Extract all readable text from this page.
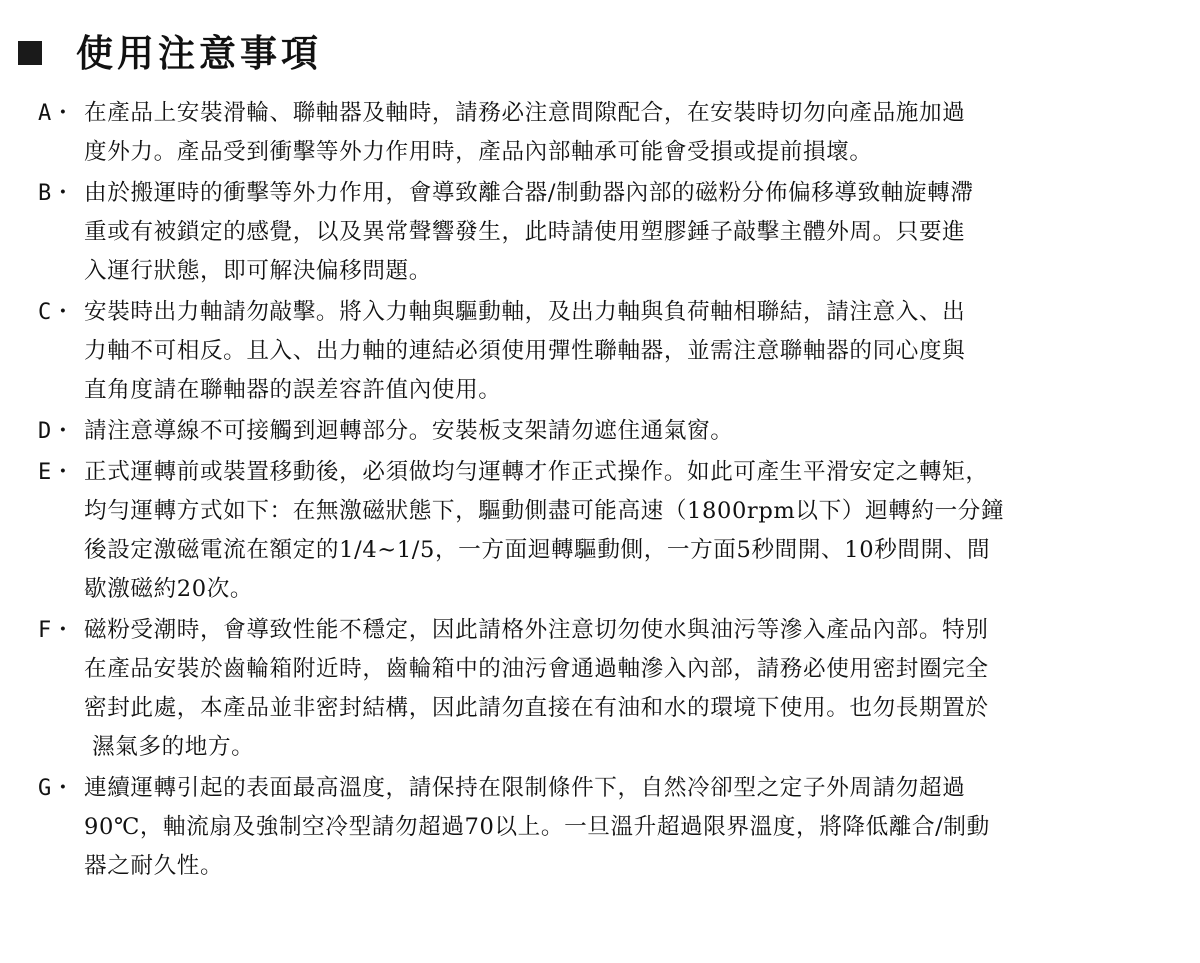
使用注意事項
A・ 在產品上安裝滑輪、聯軸器及軸時，請務必注意間隙配合，在安裝時切勿向產品施加過
度外力。產品受到衝擊等外力作用時，產品內部軸承可能會受損或提前損壞。
B・ 由於搬運時的衝擊等外力作用，會導致離合器/制動器內部的磁粉分佈偏移導致軸旋轉滯
重或有被鎖定的感覺，以及異常聲響發生，此時請使用塑膠錘子敲擊主體外周。只要進
入運行狀態，即可解決偏移問題。
C・ 安裝時出力軸請勿敲擊。將入力軸與驅動軸，及出力軸與負荷軸相聯結，請注意入、出
力軸不可相反。且入、出力軸的連結必須使用彈性聯軸器，並需注意聯軸器的同心度與
直角度請在聯軸器的誤差容許值內使用。
D・ 請注意導線不可接觸到迴轉部分。安裝板支架請勿遮住通氣窗。
E・ 正式運轉前或裝置移動後，必須做均勻運轉才作正式操作。如此可產生平滑安定之轉矩，
均勻運轉方式如下：在無激磁狀態下，驅動側盡可能高速（1800rpm以下）迴轉約一分鐘
後設定激磁電流在額定的1/4~1/5，一方面迴轉驅動側，一方面5秒間開、10秒間開、間
歇激磁約20次。
F・ 磁粉受潮時，會導致性能不穩定，因此請格外注意切勿使水與油污等滲入產品內部。特別
在產品安裝於齒輪箱附近時，齒輪箱中的油污會通過軸滲入內部，請務必使用密封圈完全
密封此處，本產品並非密封結構，因此請勿直接在有油和水的環境下使用。也勿長期置於
濕氣多的地方。
G・ 連續運轉引起的表面最高溫度，請保持在限制條件下，自然冷卻型之定子外周請勿超過
90℃，軸流扇及強制空冷型請勿超過70以上。一旦溫升超過限界溫度，將降低離合/制動
器之耐久性。
